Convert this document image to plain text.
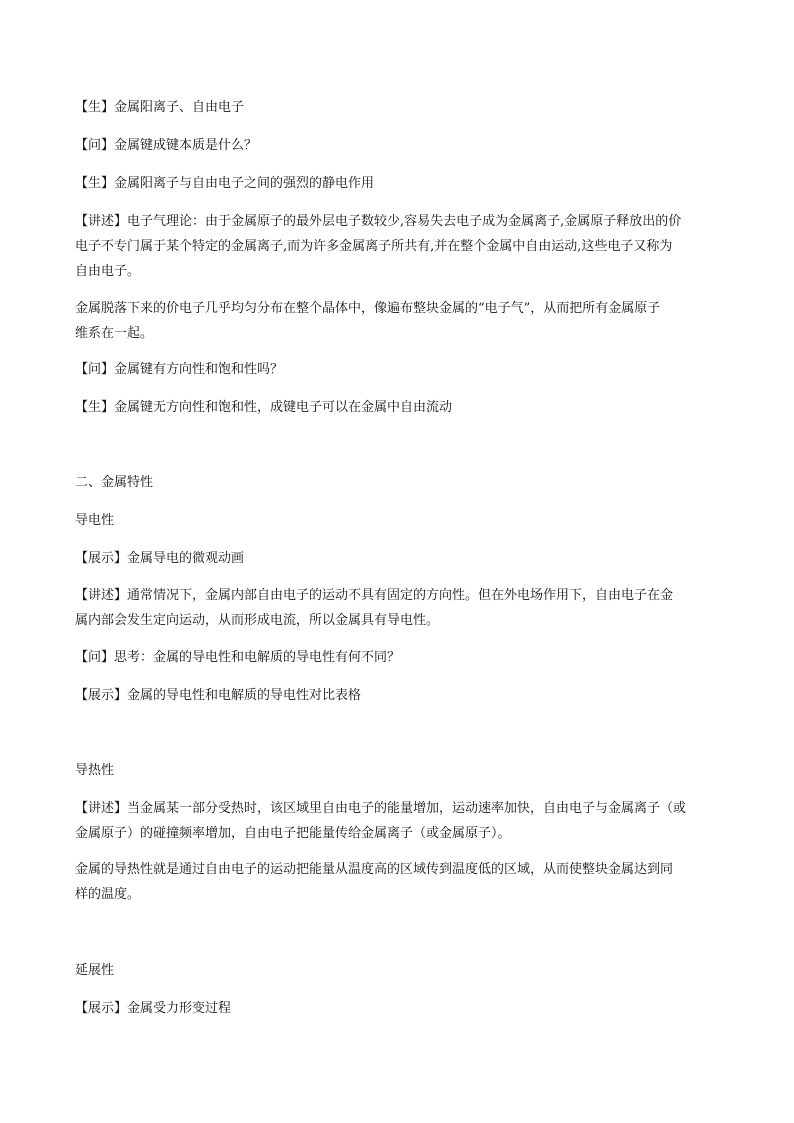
【生】金属阳离子、自由电子
【问】金属键成键本质是什么？
【生】金属阳离子与自由电子之间的强烈的静电作用
【讲述】电子气理论：由于金属原子的最外层电子数较少,容易失去电子成为金属离子,金属原子释放出的价
电子不专门属于某个特定的金属离子,而为许多金属离子所共有,并在整个金属中自由运动,这些电子又称为
自由电子。
金属脱落下来的价电子几乎均匀分布在整个晶体中，像遍布整块金属的“电子气”，从而把所有金属原子
维系在一起。
【问】金属键有方向性和饱和性吗？
【生】金属键无方向性和饱和性，成键电子可以在金属中自由流动
二、金属特性
导电性
【展示】金属导电的微观动画
【讲述】通常情况下，金属内部自由电子的运动不具有固定的方向性。但在外电场作用下，自由电子在金
属内部会发生定向运动，从而形成电流，所以金属具有导电性。
【问】思考：金属的导电性和电解质的导电性有何不同？
【展示】金属的导电性和电解质的导电性对比表格
导热性
【讲述】当金属某一部分受热时，该区域里自由电子的能量增加，运动速率加快，自由电子与金属离子（或
金属原子）的碰撞频率增加，自由电子把能量传给金属离子（或金属原子）。
金属的导热性就是通过自由电子的运动把能量从温度高的区域传到温度低的区域，从而使整块金属达到同
样的温度。
延展性
【展示】金属受力形变过程
